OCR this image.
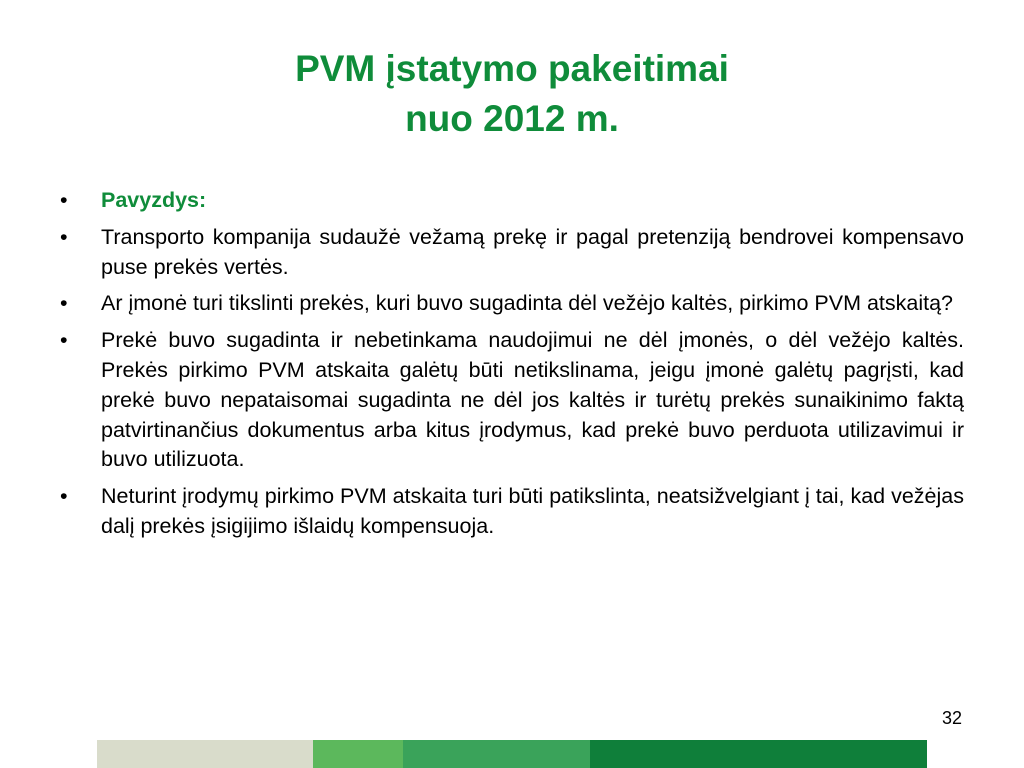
PVM įstatymo pakeitimai
nuo 2012 m.
• Pavyzdys:
• Transporto kompanija sudaužė vežamą prekę ir pagal pretenziją bendrovei kompensavo puse prekės vertės.
• Ar įmonė turi tikslinti prekės, kuri buvo sugadinta dėl vežėjo kaltės, pirkimo PVM atskaitą?
• Prekė buvo sugadinta ir nebetinkama naudojimui ne dėl įmonės, o dėl vežėjo kaltės. Prekės pirkimo PVM atskaita galėtų būti netikslinama, jeigu įmonė galėtų pagrįsti, kad prekė buvo nepataisomai sugadinta ne dėl jos kaltės ir turėtų prekės sunaikinimo faktą patvirtinančius dokumentus arba kitus įrodymus, kad prekė buvo perduota utilizavimui ir buvo utilizuota.
• Neturint įrodymų pirkimo PVM atskaita turi būti patikslinta, neatsižvelgiant į tai, kad vežėjas dalį prekės įsigijimo išlaidų kompensuoja.
32
